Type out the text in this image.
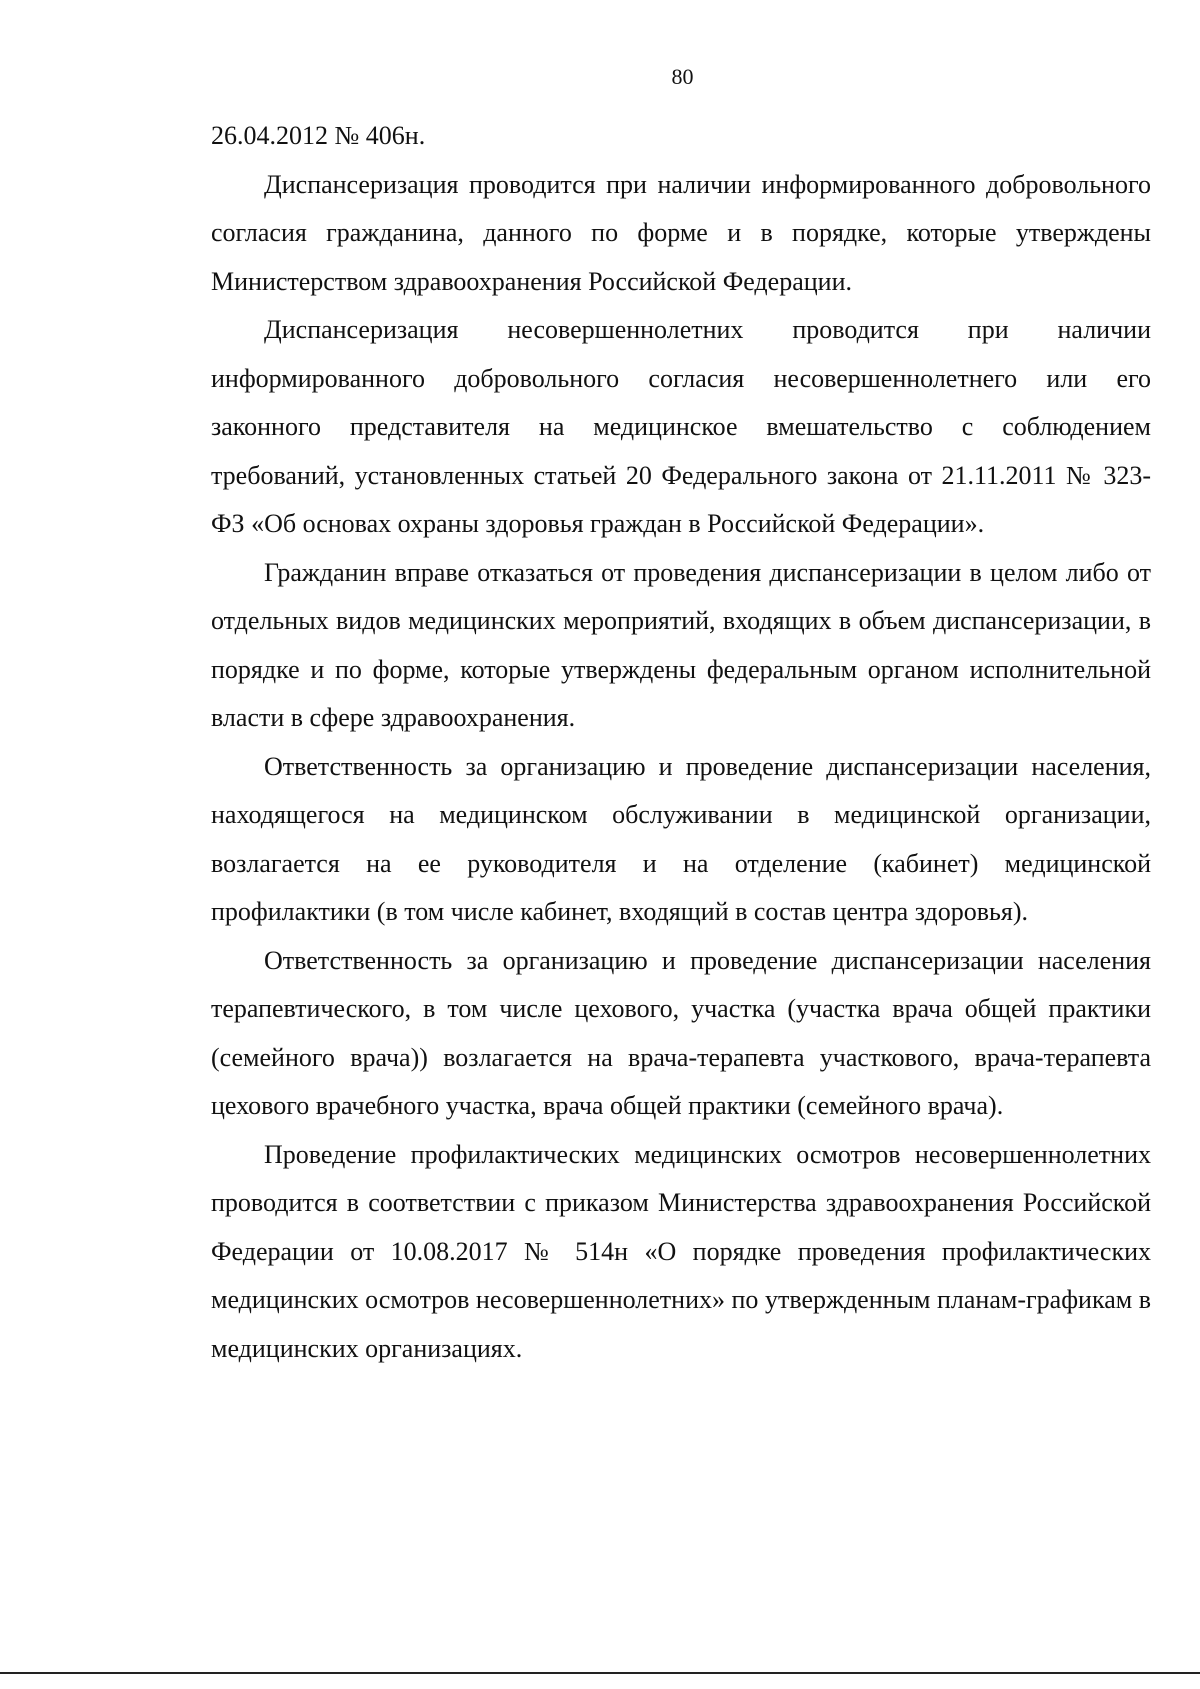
80

26.04.2012 № 406н.

Диспансеризация проводится при наличии информированного добровольного согласия гражданина, данного по форме и в порядке, которые утверждены Министерством здравоохранения Российской Федерации.

Диспансеризация несовершеннолетних проводится при наличии информированного добровольного согласия несовершеннолетнего или его законного представителя на медицинское вмешательство с соблюдением требований, установленных статьей 20 Федерального закона от 21.11.2011 № 323-ФЗ «Об основах охраны здоровья граждан в Российской Федерации».

Гражданин вправе отказаться от проведения диспансеризации в целом либо от отдельных видов медицинских мероприятий, входящих в объем диспансеризации, в порядке и по форме, которые утверждены федеральным органом исполнительной власти в сфере здравоохранения.

Ответственность за организацию и проведение диспансеризации населения, находящегося на медицинском обслуживании в медицинской организации, возлагается на ее руководителя и на отделение (кабинет) медицинской профилактики (в том числе кабинет, входящий в состав центра здоровья).

Ответственность за организацию и проведение диспансеризации населения терапевтического, в том числе цехового, участка (участка врача общей практики (семейного врача)) возлагается на врача-терапевта участкового, врача-терапевта цехового врачебного участка, врача общей практики (семейного врача).

Проведение профилактических медицинских осмотров несовершеннолетних проводится в соответствии с приказом Министерства здравоохранения Российской Федерации от 10.08.2017 № 514н «О порядке проведения профилактических медицинских осмотров несовершеннолетних» по утвержденным планам-графикам в медицинских организациях.
